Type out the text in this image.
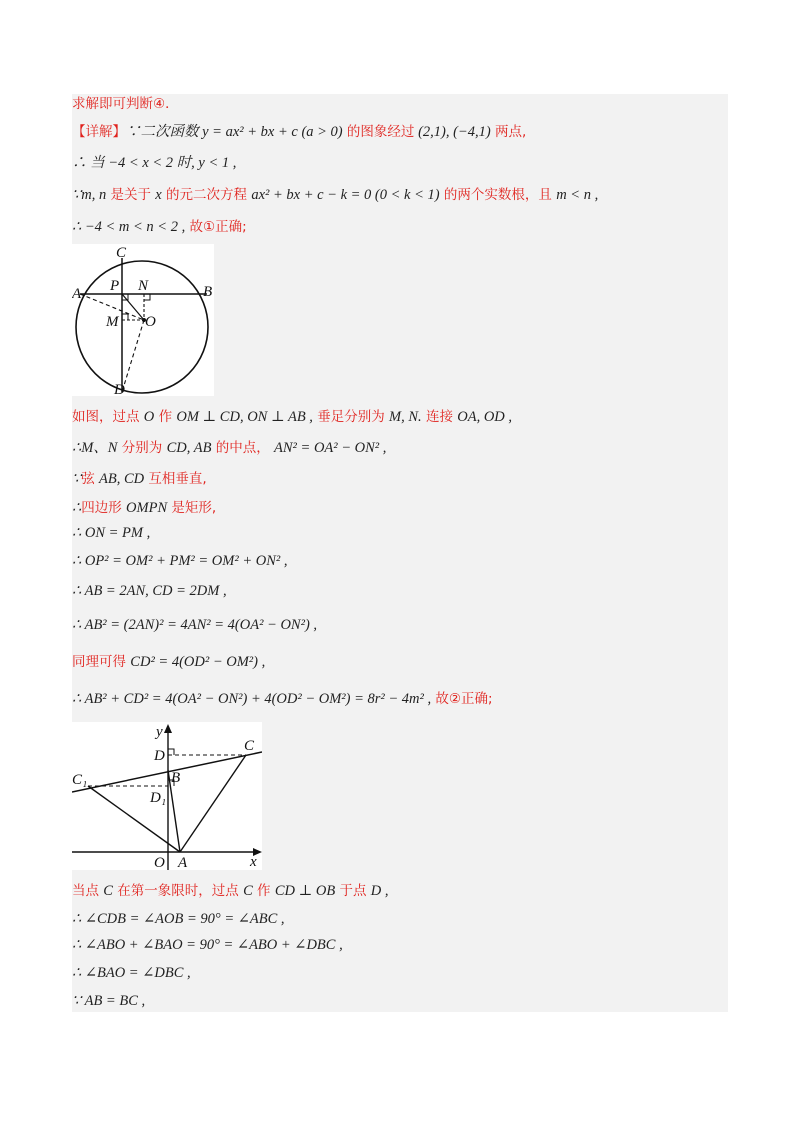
求解即可判断④．
【详解】∵二次函数 y = ax² + bx + c (a > 0) 的图象经过 (2,1), (−4,1) 两点,
∴ 当 −4 < x < 2 时, y < 1 ,
∵m, n 是关于 x 的元二次方程 ax² + bx + c − k = 0 (0 < k < 1) 的两个实数根，且 m < n ,
∴ −4 < m < n < 2 , 故①正确;
C
A P N	B
M O
D
如图，过点 O 作 OM ⊥ CD, ON ⊥ AB , 垂足分别为 M, N. 连接 OA, OD ,
∴M、N 分别为 CD, AB 的中点， AN² = OA² − ON² ,
∵弦 AB, CD 互相垂直,
∴四边形 OMPN 是矩形,
∴ ON = PM ,
∴ OP² = OM² + PM² = OM² + ON² ,
∴ AB = 2AN, CD = 2DM ,
∴ AB² = (2AN)² = 4AN² = 4(OA² − ON²) ,
同理可得 CD² = 4(OD² − OM²) ,
∴ AB² + CD² = 4(OA² − ON²) + 4(OD² − OM²) = 8r² − 4m² , 故②正确;
y
D
C
C₁	B
D₁
O A	x
当点 C 在第一象限时，过点 C 作 CD ⊥ OB 于点 D ,
∴ ∠CDB = ∠AOB = 90° = ∠ABC ,
∴ ∠ABO + ∠BAO = 90° = ∠ABO + ∠DBC ,
∴ ∠BAO = ∠DBC ,
∵ AB = BC ,
